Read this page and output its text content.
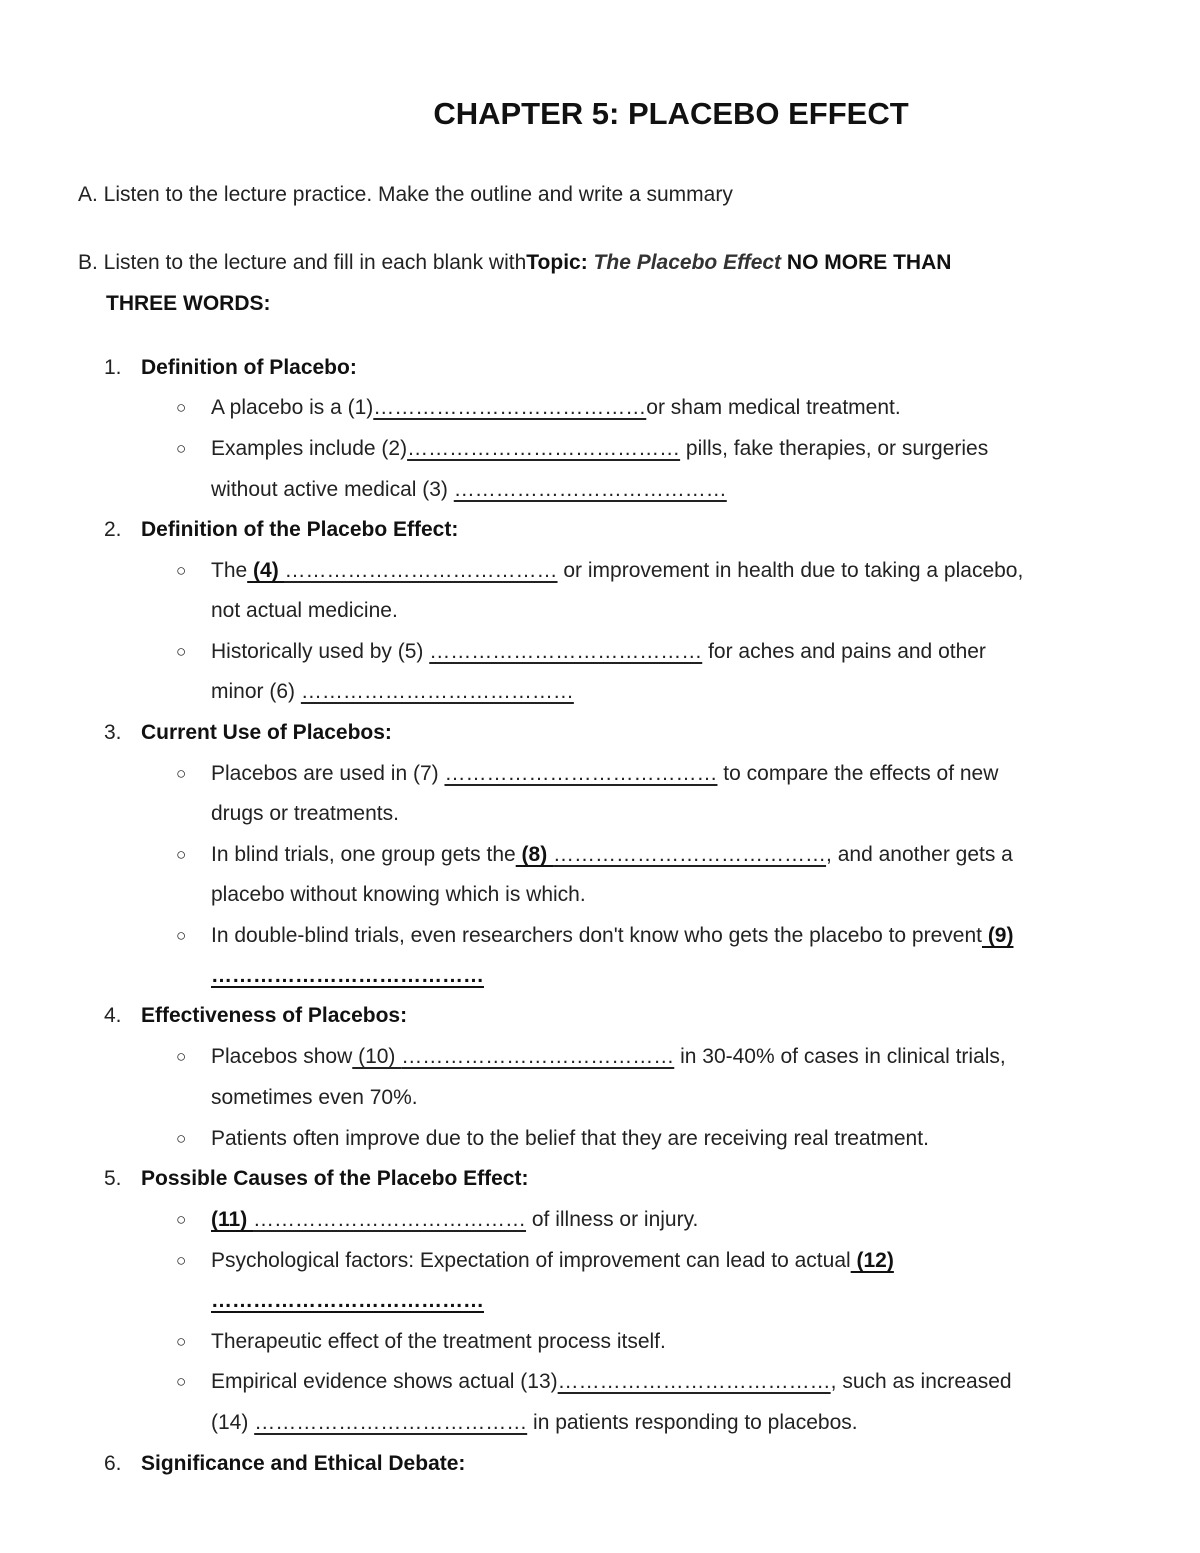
CHAPTER 5: PLACEBO EFFECT

A. Listen to the lecture practice. Make the outline and write a summary

B. Listen to the lecture and fill in each blank withTopic: The Placebo Effect NO MORE THAN

THREE WORDS:

1. Definition of Placebo:

○ A placebo is a (1)…………………………………or sham medical treatment.

○ Examples include (2)………………………………… pills, fake therapies, or surgeries

without active medical (3) …………………………………

2. Definition of the Placebo Effect:

○ The (4) ………………………………… or improvement in health due to taking a placebo,

not actual medicine.

○ Historically used by (5) ………………………………… for aches and pains and other

minor (6) …………………………………

3. Current Use of Placebos:

○ Placebos are used in (7) ………………………………… to compare the effects of new

drugs or treatments.

○ In blind trials, one group gets the (8) …………………………………, and another gets a

placebo without knowing which is which.

○ In double-blind trials, even researchers don't know who gets the placebo to prevent (9)

…………………………………

4. Effectiveness of Placebos:

○ Placebos show (10) ………………………………… in 30-40% of cases in clinical trials,

sometimes even 70%.

○ Patients often improve due to the belief that they are receiving real treatment.

5. Possible Causes of the Placebo Effect:

○ (11) ………………………………… of illness or injury.

○ Psychological factors: Expectation of improvement can lead to actual (12)

…………………………………

○ Therapeutic effect of the treatment process itself.

○ Empirical evidence shows actual (13)…………………………………, such as increased

(14) ………………………………… in patients responding to placebos.

6. Significance and Ethical Debate:
